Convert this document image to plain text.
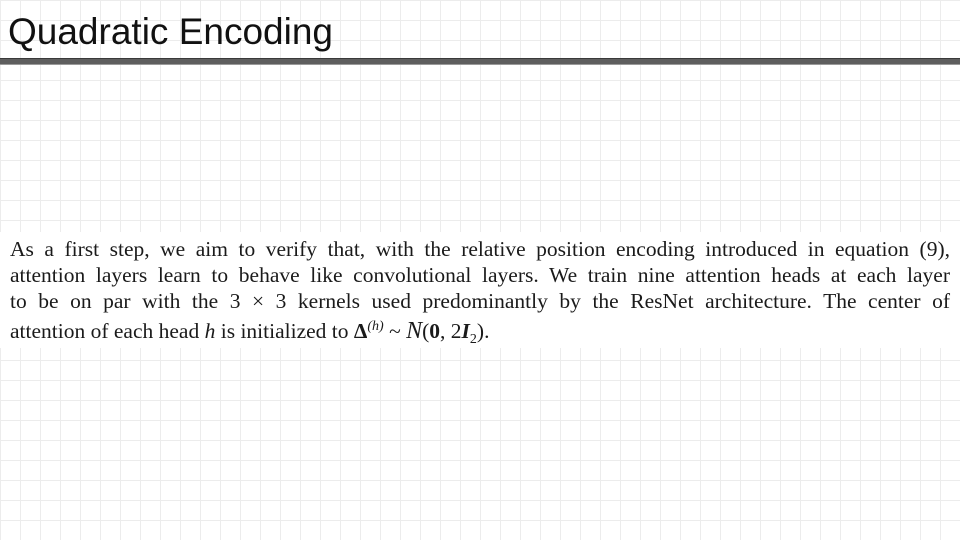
Quadratic Encoding
As a first step, we aim to verify that, with the relative position encoding introduced in equation (9),
attention layers learn to behave like convolutional layers. We train nine attention heads at each layer
to be on par with the 3 × 3 kernels used predominantly by the ResNet architecture. The center of
attention of each head h is initialized to $\Delta^{(h)}$ ~ N(0, $2I_2$).
